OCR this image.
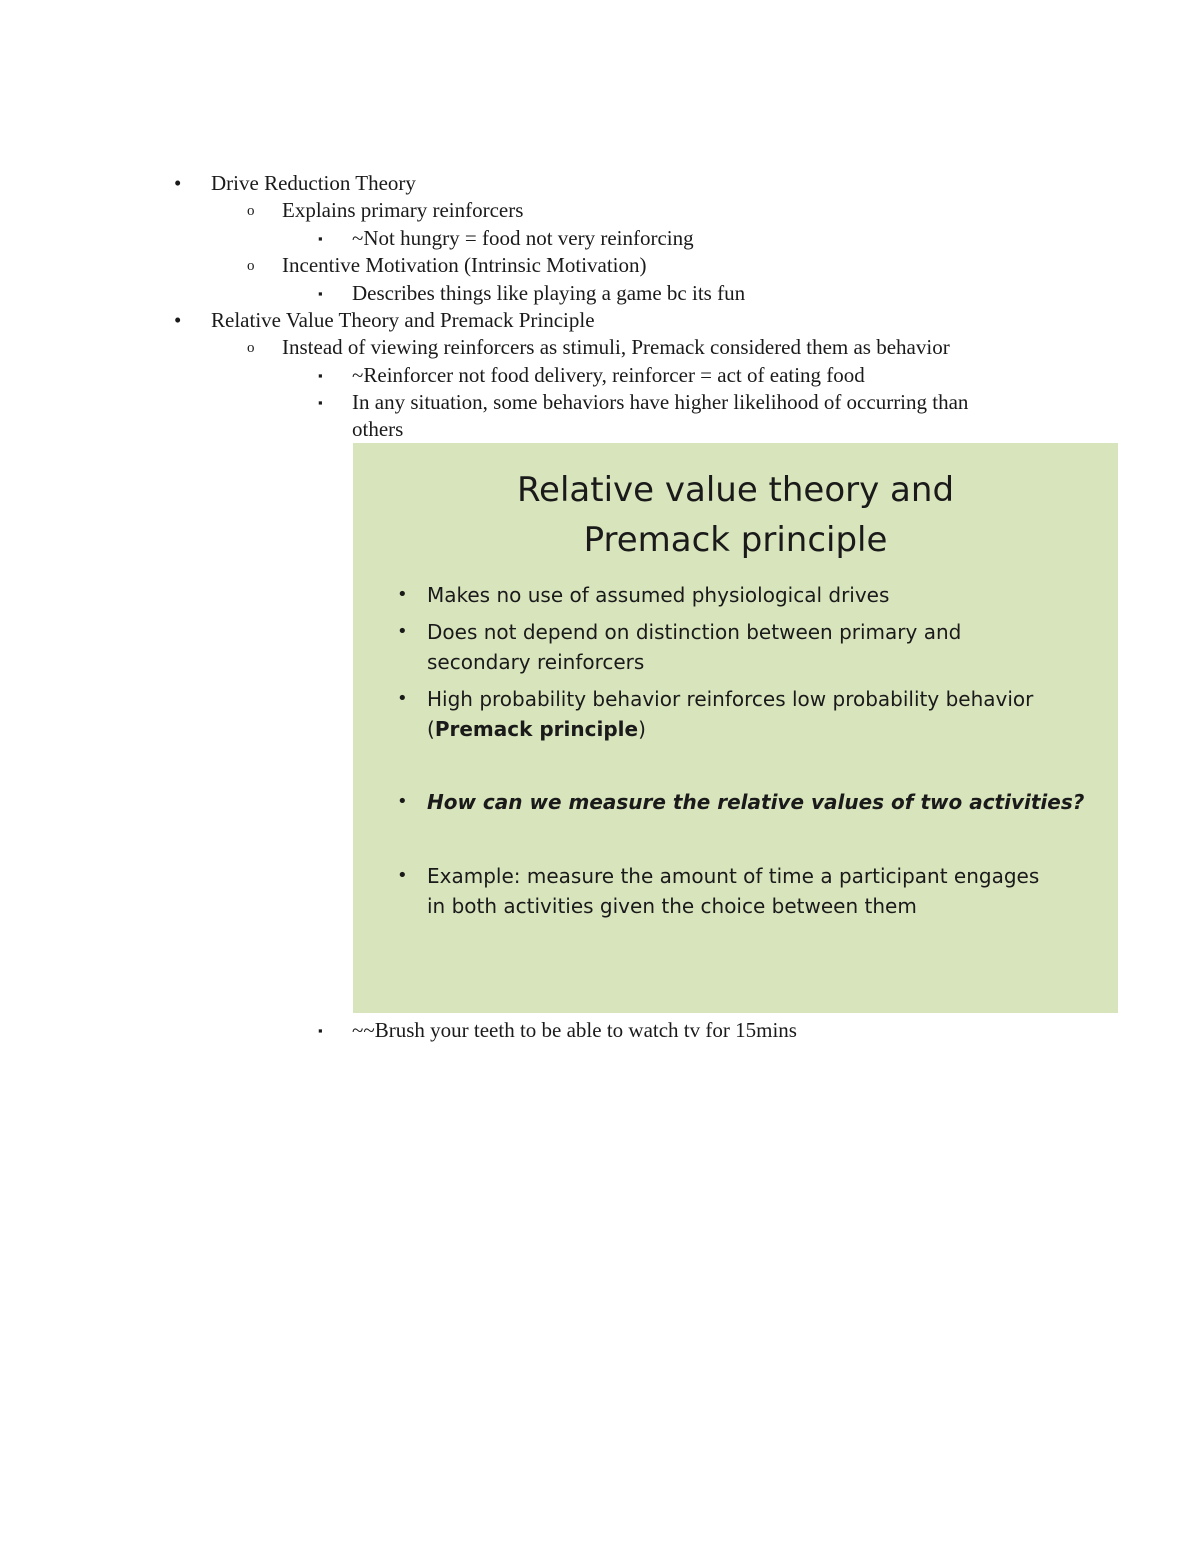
• Drive Reduction Theory
o Explains primary reinforcers
▪ ~Not hungry = food not very reinforcing
o Incentive Motivation (Intrinsic Motivation)
▪ Describes things like playing a game bc its fun
• Relative Value Theory and Premack Principle
o Instead of viewing reinforcers as stimuli, Premack considered them as behavior
▪ ~Reinforcer not food delivery, reinforcer = act of eating food
▪ In any situation, some behaviors have higher likelihood of occurring than
others
Relative value theory and
Premack principle
• Makes no use of assumed physiological drives
• Does not depend on distinction between primary and
secondary reinforcers
• High probability behavior reinforces low probability behavior
(Premack principle)
• How can we measure the relative values of two activities?
• Example: measure the amount of time a participant engages
in both activities given the choice between them
▪ ~~Brush your teeth to be able to watch tv for 15mins
